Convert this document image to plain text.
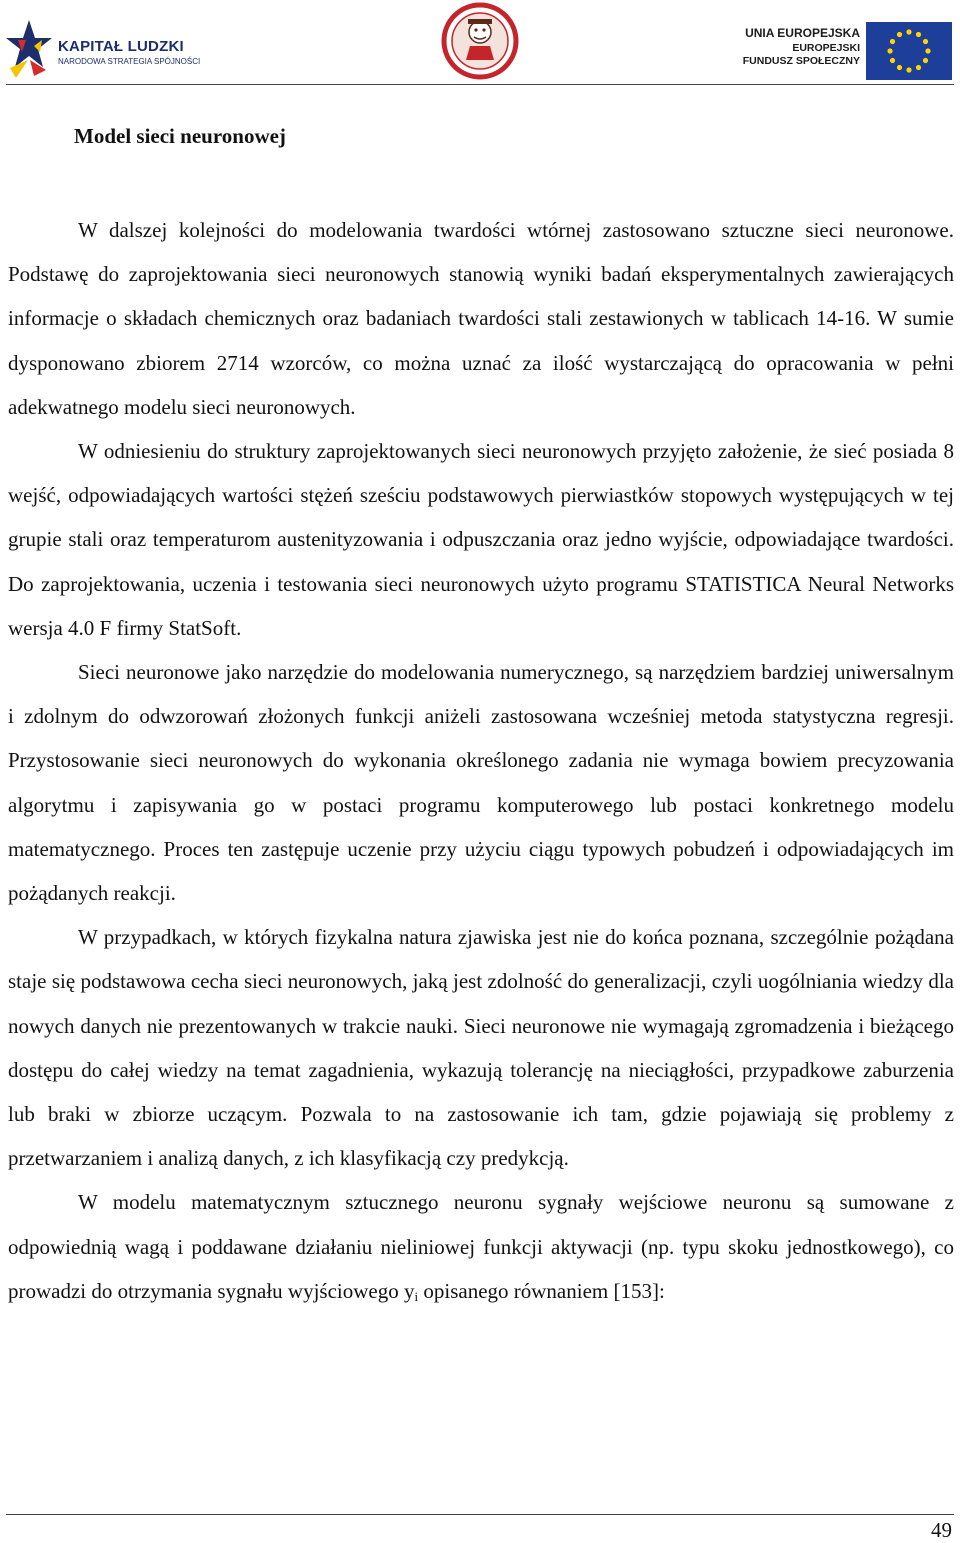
KAPITAŁ LUDZKI
NARODOWA STRATEGIA SPÓJNOŚCI
UNIA EUROPEJSKA
EUROPEJSKI
FUNDUSZ SPOŁECZNY
Model sieci neuronowej

W dalszej kolejności do modelowania twardości wtórnej zastosowano sztuczne sieci neuronowe. Podstawę do zaprojektowania sieci neuronowych stanowią wyniki badań eksperymentalnych zawierających informacje o składach chemicznych oraz badaniach twardości stali zestawionych w tablicach 14-16. W sumie dysponowano zbiorem 2714 wzorców, co można uznać za ilość wystarczającą do opracowania w pełni adekwatnego modelu sieci neuronowych.

W odniesieniu do struktury zaprojektowanych sieci neuronowych przyjęto założenie, że sieć posiada 8 wejść, odpowiadających wartości stężeń sześciu podstawowych pierwiastków stopowych występujących w tej grupie stali oraz temperaturom austenityzowania i odpuszczania oraz jedno wyjście, odpowiadające twardości. Do zaprojektowania, uczenia i testowania sieci neuronowych użyto programu STATISTICA Neural Networks wersja 4.0 F firmy StatSoft.

Sieci neuronowe jako narzędzie do modelowania numerycznego, są narzędziem bardziej uniwersalnym i zdolnym do odwzorowań złożonych funkcji aniżeli zastosowana wcześniej metoda statystyczna regresji. Przystosowanie sieci neuronowych do wykonania określonego zadania nie wymaga bowiem precyzowania algorytmu i zapisywania go w postaci programu komputerowego lub postaci konkretnego modelu matematycznego. Proces ten zastępuje uczenie przy użyciu ciągu typowych pobudzeń i odpowiadających im pożądanych reakcji.

W przypadkach, w których fizykalna natura zjawiska jest nie do końca poznana, szczególnie pożądana staje się podstawowa cecha sieci neuronowych, jaką jest zdolność do generalizacji, czyli uogólniania wiedzy dla nowych danych nie prezentowanych w trakcie nauki. Sieci neuronowe nie wymagają zgromadzenia i bieżącego dostępu do całej wiedzy na temat zagadnienia, wykazują tolerancję na nieciągłości, przypadkowe zaburzenia lub braki w zbiorze uczącym. Pozwala to na zastosowanie ich tam, gdzie pojawiają się problemy z przetwarzaniem i analizą danych, z ich klasyfikacją czy predykcją.

W modelu matematycznym sztucznego neuronu sygnały wejściowe neuronu są sumowane z odpowiednią wagą i poddawane działaniu nieliniowej funkcji aktywacji (np. typu skoku jednostkowego), co prowadzi do otrzymania sygnału wyjściowego $y_i$ opisanego równaniem [153]:

49
